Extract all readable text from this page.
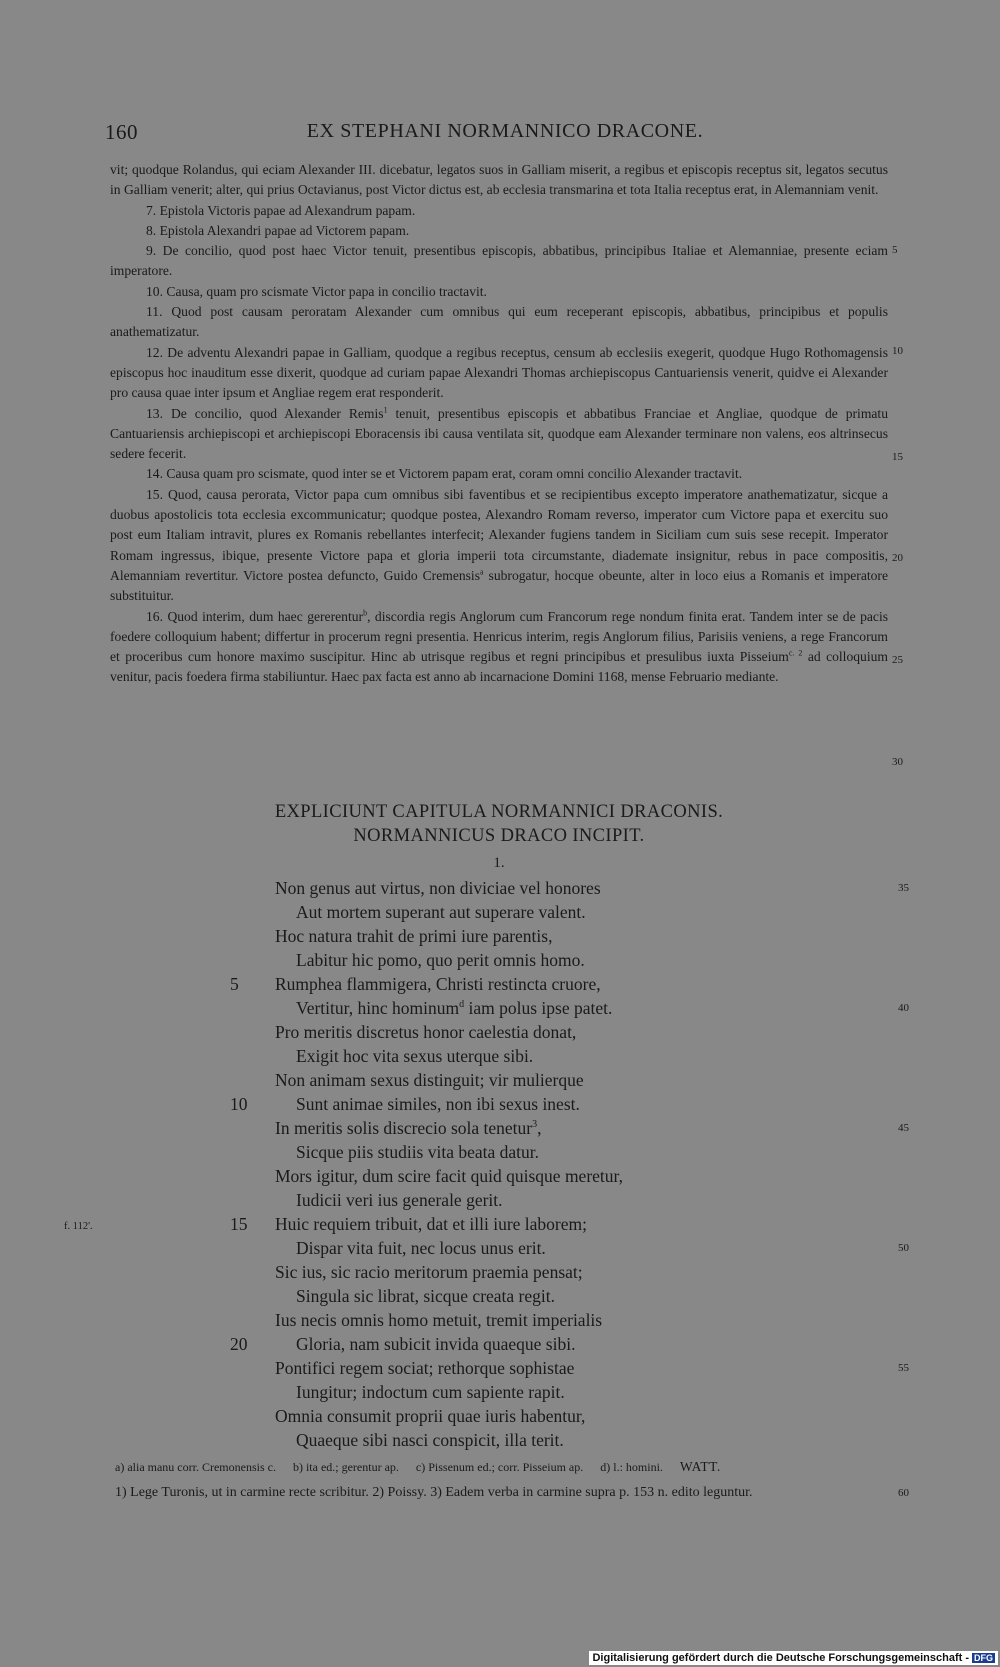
160	EX STEPHANI NORMANNICO DRACONE.

vit; quodque Rolandus, qui eciam Alexander III. dicebatur, legatos suos in Galliam miserit, a regibus et episcopis receptus sit, legatos secutus in Galliam venerit; alter, qui prius Octavianus, post Victor dictus est, ab ecclesia transmarina et tota Italia receptus erat, in Alemanniam venit.

7. Epistola Victoris papae ad Alexandrum papam.

8. Epistola Alexandri papae ad Victorem papam.

9. De concilio, quod post haec Victor tenuit, presentibus episcopis, abbatibus, principibus Italiae et Alemanniae, presente eciam imperatore.

10. Causa, quam pro scismate Victor papa in concilio tractavit.

11. Quod post causam peroratam Alexander cum omnibus qui eum receperant episcopis, abbatibus, principibus et populis anathematizatur.

12. De adventu Alexandri papae in Galliam, quodque a regibus receptus, censum ab ecclesiis exegerit, quodque Hugo Rothomagensis episcopus hoc inauditum esse dixerit, quodque ad curiam papae Alexandri Thomas archiepiscopus Cantuariensis venerit, quidve ei Alexander pro causa quae inter ipsum et Angliae regem erat responderit.

13. De concilio, quod Alexander Remis$^1$ tenuit, presentibus episcopis et abbatibus Franciae et Angliae, quodque de primatu Cantuariensis archiepiscopi et archiepiscopi Eboracensis ibi causa ventilata sit, quodque eam Alexander terminare non valens, eos altrinsecus sedere fecerit.

14. Causa quam pro scismate, quod inter se et Victorem papam erat, coram omni concilio Alexander tractavit.

15. Quod, causa perorata, Victor papa cum omnibus sibi faventibus et se recipientibus excepto imperatore anathematizatur, sicque a duobus apostolicis tota ecclesia excommunicatur; quodque postea, Alexandro Romam reverso, imperator cum Victore papa et exercitu suo post eum Italiam intravit, plures ex Romanis rebellantes interfecit; Alexander fugiens tandem in Siciliam cum suis sese recepit. Imperator Romam ingressus, ibique, presente Victore papa et gloria imperii tota circumstante, diademate insignitur, rebus in pace compositis, Alemanniam revertitur. Victore postea defuncto, Guido Cremensis$^a$ subrogatur, hocque obeunte, alter in loco eius a Romanis et imperatore substituitur.

16. Quod interim, dum haec gererentur$^b$, discordia regis Anglorum cum Francorum rege nondum finita erat. Tandem inter se de pacis foedere colloquium habent; differtur in procerum regni presentia. Henricus interim, regis Anglorum filius, Parisiis veniens, a rege Francorum et proceribus cum honore maximo suscipitur. Hinc ab utrisque regibus et regni principibus et presulibus iuxta Pisseium$^{c. 2}$ ad colloquium venitur, pacis foedera firma stabiliuntur. Haec pax facta est anno ab incarnacione Domini 1168, mense Februario mediante.

5
10
15
20
25
30
EXPLICIUNT CAPITULA NORMANNICI DRACONIS.
NORMANNICUS DRACO INCIPIT.
1.
Non genus aut virtus, non diviciae vel honores
Aut mortem superant aut superare valent.
Hoc natura trahit de primi iure parentis,
Labitur hic pomo, quo perit omnis homo.
5	Rumphea flammigera, Christi restincta cruore,
Vertitur, hinc hominum$^d$ iam polus ipse patet.
Pro meritis discretus honor caelestia donat,
Exigit hoc vita sexus uterque sibi.
Non animam sexus distinguit; vir mulierque
10	Sunt animae similes, non ibi sexus inest.
In meritis solis discrecio sola tenetur$^3$,
Sicque piis studiis vita beata datur.
Mors igitur, dum scire facit quid quisque meretur,
Iudicii veri ius generale gerit.
15	Huic requiem tribuit, dat et illi iure laborem;
Dispar vita fuit, nec locus unus erit.
Sic ius, sic racio meritorum praemia pensat;
Singula sic librat, sicque creata regit.
Ius necis omnis homo metuit, tremit imperialis
20	Gloria, nam subicit invida quaeque sibi.
Pontifici regem sociat; rethorque sophistae
Iungitur; indoctum cum sapiente rapit.
Omnia consumit proprii quae iuris habentur,
Quaeque sibi nasci conspicit, illa terit.
35
40
45
50
55
f. 112'.
a) alia manu corr. Cremonensis c. b) ita ed.; gerentur ap. c) Pissenum ed.; corr. Pisseium ap. d) l.: homini. WATT.
1) Lege Turonis, ut in carmine recte scribitur. 2) Poissy. 3) Eadem verba in carmine supra p. 153 n. edito leguntur.	60
Digitalisierung gefördert durch die Deutsche Forschungsgemeinschaft - DFG
